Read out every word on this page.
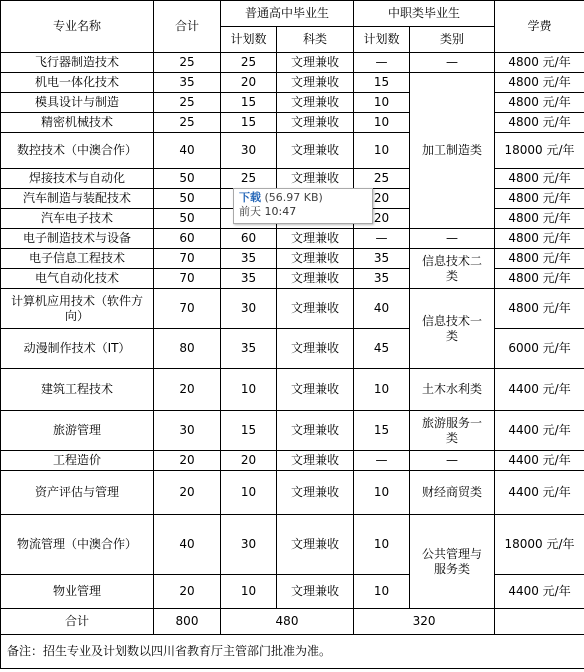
专业名称	合计	普通高中毕业生		中职类毕业生		学费
		计划数	科类	计划数	类别	
飞行器制造技术	25	25	文理兼收	—	—	4800 元/年
机电一体化技术	35	20	文理兼收	15	加工制造类	4800 元/年
模具设计与制造	25	15	文理兼收	10		4800 元/年
精密机械技术	25	15	文理兼收	10		4800 元/年
数控技术（中澳合作）	40	30	文理兼收	10		18000 元/年
焊接技术与自动化	50	25	文理兼收	25		4800 元/年
汽车制造与装配技术	50			20		4800 元/年
汽车电子技术	50			20		4800 元/年
电子制造技术与设备	60	60	文理兼收	—	—	4800 元/年
电子信息工程技术	70	35	文理兼收	35	信息技术二类	4800 元/年
电气自动化技术	70	35	文理兼收	35		4800 元/年
计算机应用技术（软件方向）	70	30	文理兼收	40	信息技术一类	4800 元/年
动漫制作技术（IT）	80	35	文理兼收	45		6000 元/年
建筑工程技术	20	10	文理兼收	10	土木水利类	4400 元/年
旅游管理	30	15	文理兼收	15	旅游服务一类	4400 元/年
工程造价	20	20	文理兼收	—	—	4400 元/年
资产评估与管理	20	10	文理兼收	10	财经商贸类	4400 元/年
物流管理（中澳合作）	40	30	文理兼收	10	公共管理与服务类	18000 元/年
物业管理	20	10	文理兼收	10		4400 元/年
合计	800	480		320		
备注：招生专业及计划数以四川省教育厅主管部门批准为准。						
下载 (56.97 KB)
前天 10:47
